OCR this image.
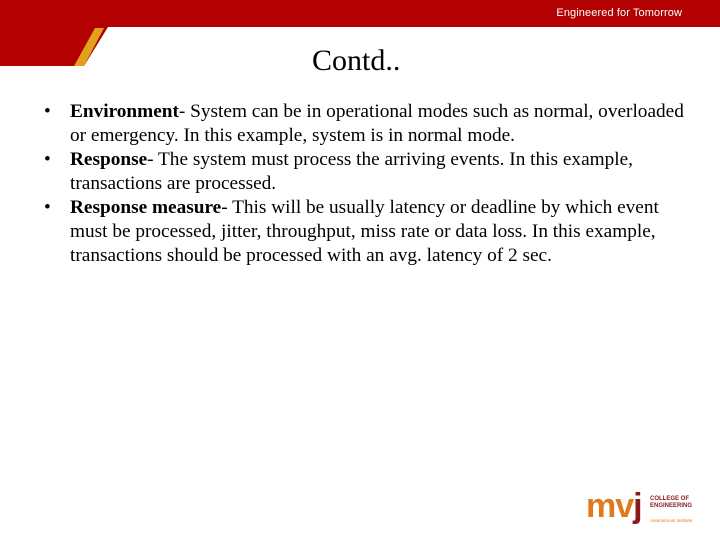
Engineered for Tomorrow
Contd..
• Environment- System can be in operational modes such as normal, overloaded or emergency. In this example, system is in normal mode.
• Response- The system must process the arriving events. In this example, transactions are processed.
• Response measure- This will be usually latency or deadline by which event must be processed, jitter, throughput, miss rate or data loss. In this example, transactions should be processed with an avg. latency of 2 sec.
mvj COLLEGE OF
ENGINEERING
Autonomous Institute
